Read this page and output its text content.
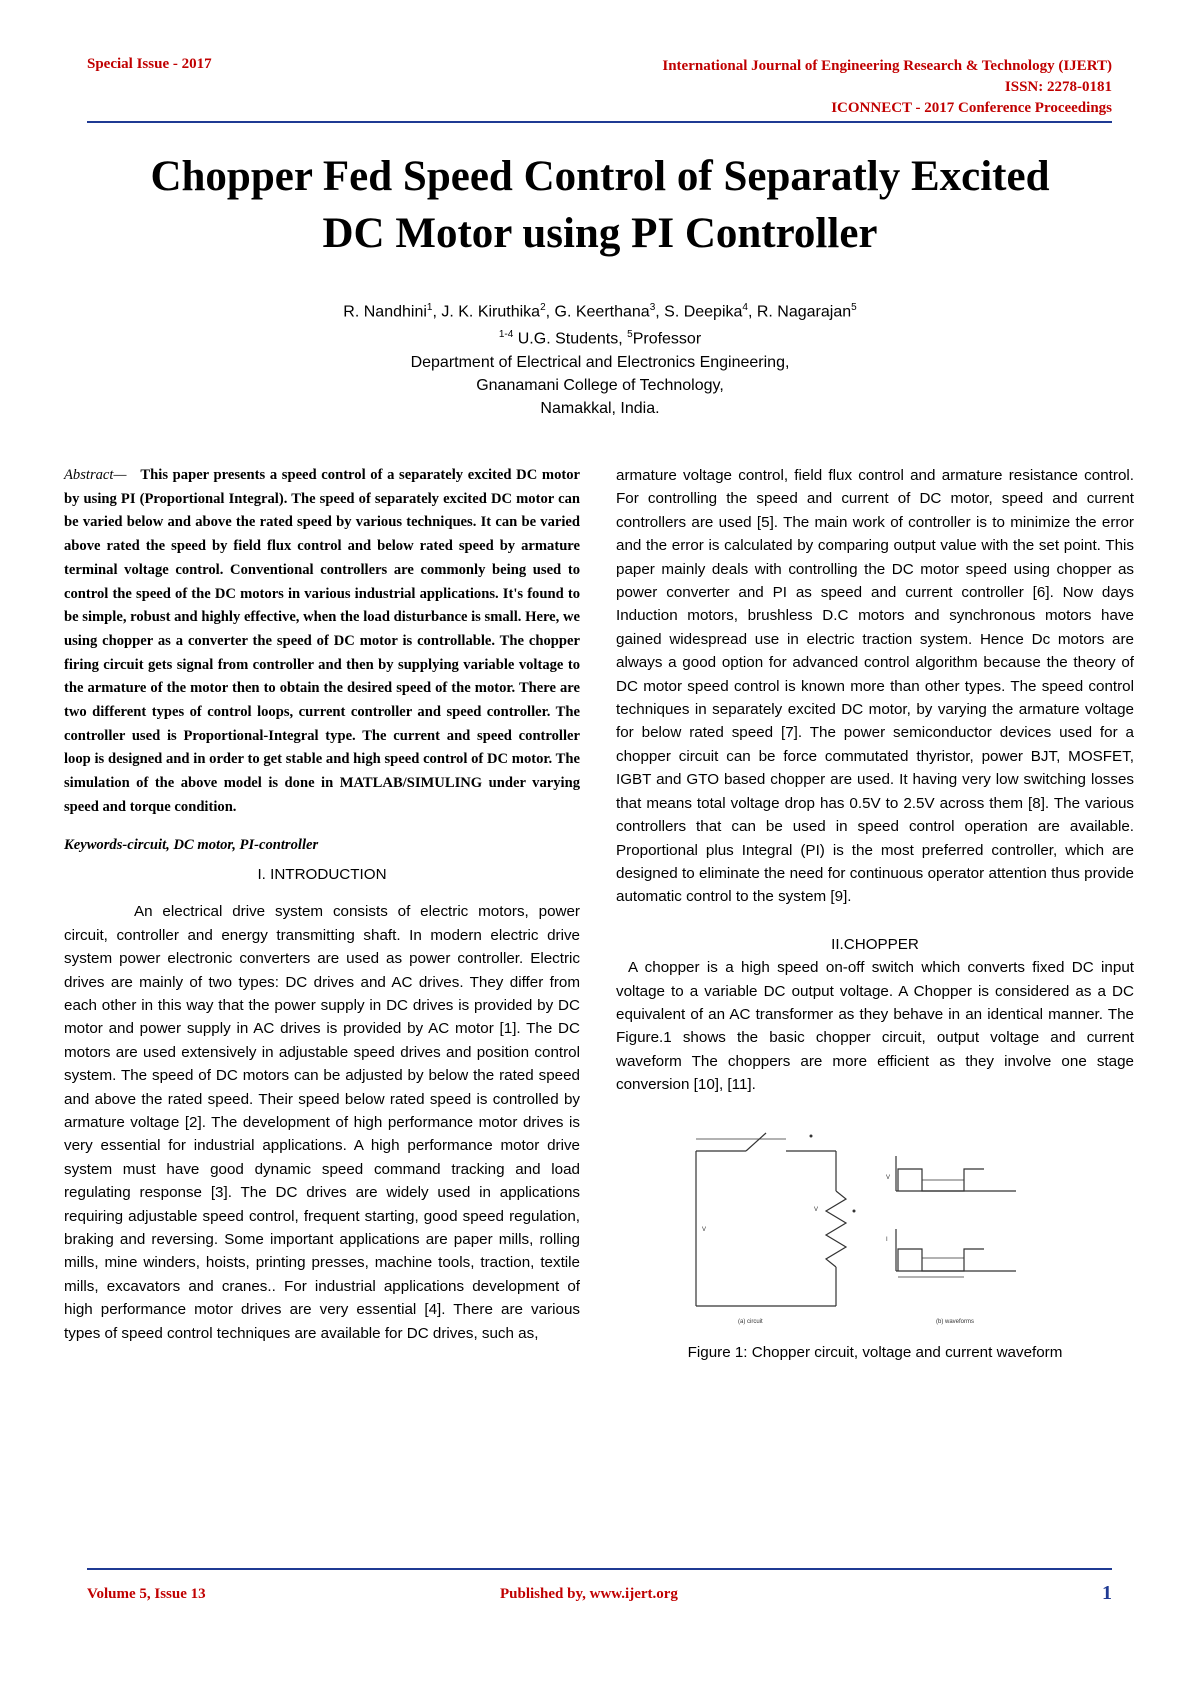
Special Issue - 2017	International Journal of Engineering Research & Technology (IJERT)
ISSN: 2278-0181
ICONNECT - 2017 Conference Proceedings
Chopper Fed Speed Control of Separatly Excited
DC Motor using PI Controller
R. Nandhini$^1$, J. K. Kiruthika$^2$, G. Keerthana$^3$, S. Deepika$^4$, R. Nagarajan$^5$
$^{1-4}$ U.G. Students, $^5$Professor
Department of Electrical and Electronics Engineering,
Gnanamani College of Technology,
Namakkal, India.

Abstract— This paper presents a speed control of a separately excited DC motor by using PI (Proportional Integral). The speed of separately excited DC motor can be varied below and above the rated speed by various techniques. It can be varied above rated the speed by field flux control and below rated speed by armature terminal voltage control. Conventional controllers are commonly being used to control the speed of the DC motors in various industrial applications. It's found to be simple, robust and highly effective, when the load disturbance is small. Here, we using chopper as a converter the speed of DC motor is controllable. The chopper firing circuit gets signal from controller and then by supplying variable voltage to the armature of the motor then to obtain the desired speed of the motor. There are two different types of control loops, current controller and speed controller. The controller used is Proportional-Integral type. The current and speed controller loop is designed and in order to get stable and high speed control of DC motor. The simulation of the above model is done in MATLAB/SIMULING under varying speed and torque condition.

Keywords-circuit, DC motor, PI-controller

I. INTRODUCTION

An electrical drive system consists of electric motors, power circuit, controller and energy transmitting shaft. In modern electric drive system power electronic converters are used as power controller. Electric drives are mainly of two types: DC drives and AC drives. They differ from each other in this way that the power supply in DC drives is provided by DC motor and power supply in AC drives is provided by AC motor [1]. The DC motors are used extensively in adjustable speed drives and position control system. The speed of DC motors can be adjusted by below the rated speed and above the rated speed. Their speed below rated speed is controlled by armature voltage [2]. The development of high performance motor drives is very essential for industrial applications. A high performance motor drive system must have good dynamic speed command tracking and load regulating response [3]. The DC drives are widely used in applications requiring adjustable speed control, frequent starting, good speed regulation, braking and reversing. Some important applications are paper mills, rolling mills, mine winders, hoists, printing presses, machine tools, traction, textile mills, excavators and cranes.. For industrial applications development of high performance motor drives are very essential [4]. There are various types of speed control techniques are available for DC drives, such as,

armature voltage control, field flux control and armature resistance control. For controlling the speed and current of DC motor, speed and current controllers are used [5]. The main work of controller is to minimize the error and the error is calculated by comparing output value with the set point. This paper mainly deals with controlling the DC motor speed using chopper as power converter and PI as speed and current controller [6]. Now days Induction motors, brushless D.C motors and synchronous motors have gained widespread use in electric traction system. Hence Dc motors are always a good option for advanced control algorithm because the theory of DC motor speed control is known more than other types. The speed control techniques in separately excited DC motor, by varying the armature voltage for below rated speed [7]. The power semiconductor devices used for a chopper circuit can be force commutated thyristor, power BJT, MOSFET, IGBT and GTO based chopper are used. It having very low switching losses that means total voltage drop has 0.5V to 2.5V across them [8]. The various controllers that can be used in speed control operation are available. Proportional plus Integral (PI) is the most preferred controller, which are designed to eliminate the need for continuous operator attention thus provide automatic control to the system [9].

II.CHOPPER

A chopper is a high speed on-off switch which converts fixed DC input voltage to a variable DC output voltage. A Chopper is considered as a DC equivalent of an AC transformer as they behave in an identical manner. The Figure.1 shows the basic chopper circuit, output voltage and current waveform The choppers are more efficient as they involve one stage conversion [10], [11].

V
V
V
I
(a) circuit	(b) waveforms

Figure 1: Chopper circuit, voltage and current waveform

Volume 5, Issue 13	Published by, www.ijert.org	1
